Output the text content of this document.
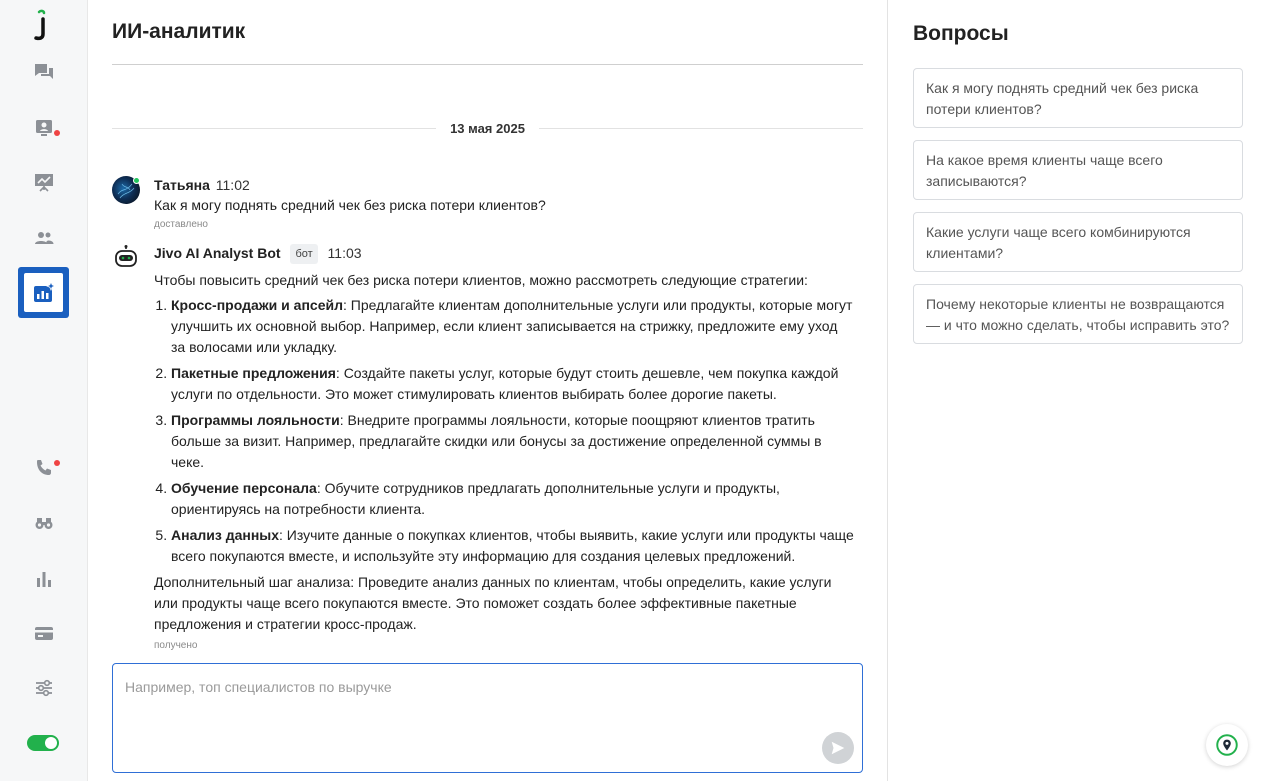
ИИ-аналитик
13 мая 2025
Татьяна 11:02
Как я могу поднять средний чек без риска потери клиентов?
доставлено
Jivo AI Analyst Bot бот 11:03
Чтобы повысить средний чек без риска потери клиентов, можно рассмотреть следующие стратегии:
1. Кросс-продажи и апсейл: Предлагайте клиентам дополнительные услуги или продукты, которые могут улучшить их основной выбор. Например, если клиент записывается на стрижку, предложите ему уход за волосами или укладку.
2. Пакетные предложения: Создайте пакеты услуг, которые будут стоить дешевле, чем покупка каждой услуги по отдельности. Это может стимулировать клиентов выбирать более дорогие пакеты.
3. Программы лояльности: Внедрите программы лояльности, которые поощряют клиентов тратить больше за визит. Например, предлагайте скидки или бонусы за достижение определенной суммы в чеке.
4. Обучение персонала: Обучите сотрудников предлагать дополнительные услуги и продукты, ориентируясь на потребности клиента.
5. Анализ данных: Изучите данные о покупках клиентов, чтобы выявить, какие услуги или продукты чаще всего покупаются вместе, и используйте эту информацию для создания целевых предложений.
Дополнительный шаг анализа: Проведите анализ данных по клиентам, чтобы определить, какие услуги или продукты чаще всего покупаются вместе. Это поможет создать более эффективные пакетные предложения и стратегии кросс-продаж.
получено
Например, топ специалистов по выручке
Вопросы
Как я могу поднять средний чек без риска потери клиентов?
На какое время клиенты чаще всего записываются?
Какие услуги чаще всего комбинируются клиентами?
Почему некоторые клиенты не возвращаются — и что можно сделать, чтобы исправить это?
